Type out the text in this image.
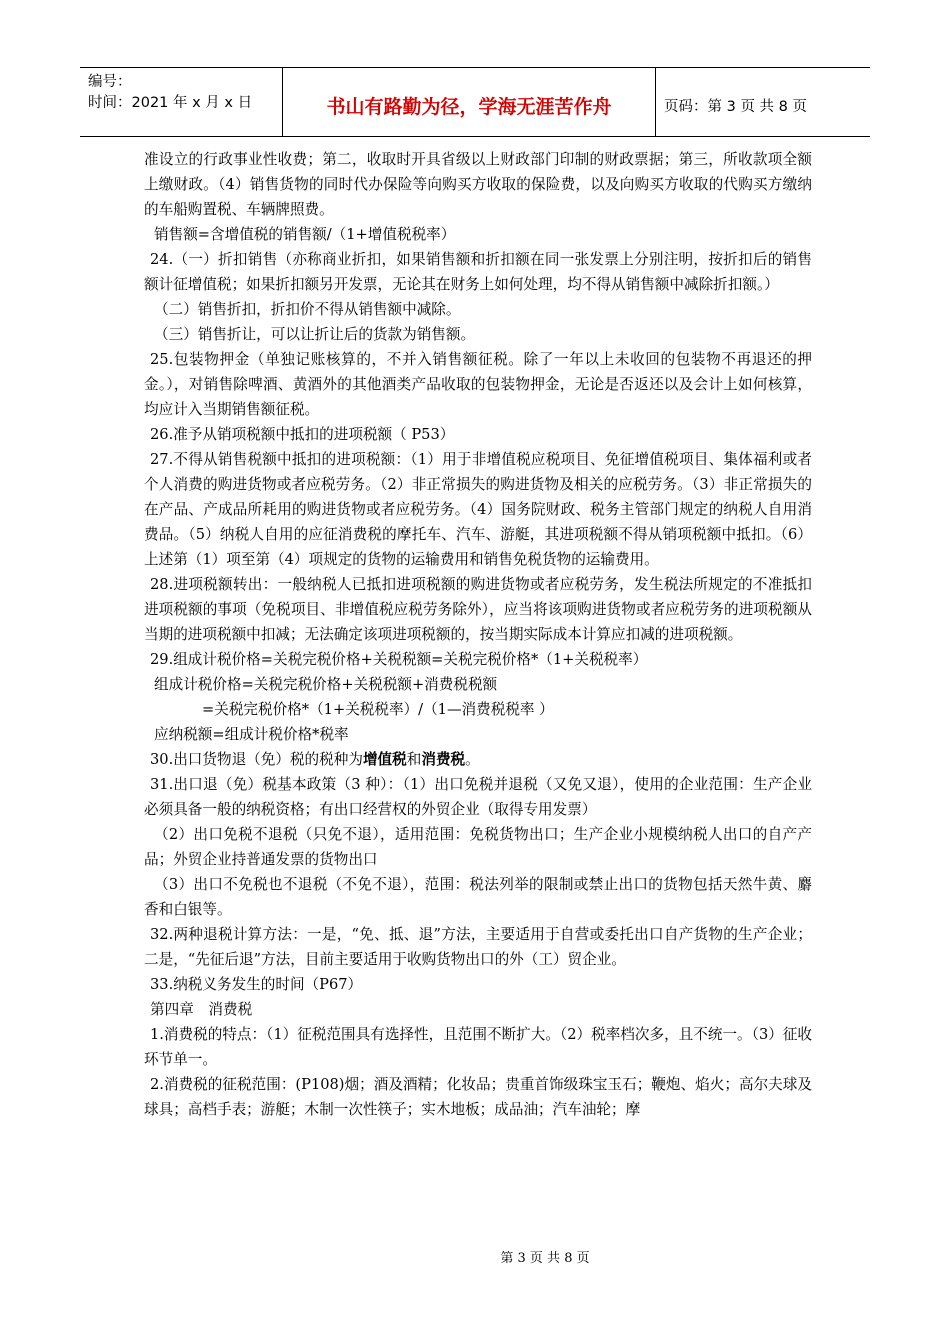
编号：
时间：2021 年 x 月 x 日	书山有路勤为径，学海无涯苦作舟	页码：第 3 页 共 8 页

准设立的行政事业性收费；第二，收取时开具省级以上财政部门印制的财政票据；第三，所收款项全额上缴财政。（4）销售货物的同时代办保险等向购买方收取的保险费，以及向购买方收取的代购买方缴纳的车船购置税、车辆牌照费。

销售额=含增值税的销售额/（1+增值税税率）

24.（一）折扣销售（亦称商业折扣，如果销售额和折扣额在同一张发票上分别注明，按折扣后的销售额计征增值税；如果折扣额另开发票，无论其在财务上如何处理，均不得从销售额中减除折扣额。）

（二）销售折扣，折扣价不得从销售额中减除。

（三）销售折让，可以让折让后的货款为销售额。

25.包装物押金（单独记账核算的，不并入销售额征税。除了一年以上未收回的包装物不再退还的押金。），对销售除啤酒、黄酒外的其他酒类产品收取的包装物押金，无论是否返还以及会计上如何核算，均应计入当期销售额征税。

26.准予从销项税额中抵扣的进项税额（ P53）

27.不得从销售税额中抵扣的进项税额：（1）用于非增值税应税项目、免征增值税项目、集体福利或者个人消费的购进货物或者应税劳务。（2）非正常损失的购进货物及相关的应税劳务。（3）非正常损失的在产品、产成品所耗用的购进货物或者应税劳务。（4）国务院财政、税务主管部门规定的纳税人自用消费品。（5）纳税人自用的应征消费税的摩托车、汽车、游艇，其进项税额不得从销项税额中抵扣。（6）上述第（1）项至第（4）项规定的货物的运输费用和销售免税货物的运输费用。

28.进项税额转出：一般纳税人已抵扣进项税额的购进货物或者应税劳务，发生税法所规定的不准抵扣进项税额的事项（免税项目、非增值税应税劳务除外），应当将该项购进货物或者应税劳务的进项税额从当期的进项税额中扣减；无法确定该项进项税额的，按当期实际成本计算应扣减的进项税额。

29.组成计税价格=关税完税价格+关税税额=关税完税价格*（1+关税税率）

组成计税价格=关税完税价格+关税税额+消费税税额

=关税完税价格*（1+关税税率）/（1—消费税税率 ）

应纳税额=组成计税价格*税率

30.出口货物退（免）税的税种为增值税和消费税。

31.出口退（免）税基本政策（3 种）：（1）出口免税并退税（又免又退），使用的企业范围：生产企业必须具备一般的纳税资格；有出口经营权的外贸企业（取得专用发票）

（2）出口免税不退税（只免不退），适用范围：免税货物出口；生产企业小规模纳税人出口的自产产品；外贸企业持普通发票的货物出口

（3）出口不免税也不退税（不免不退），范围：税法列举的限制或禁止出口的货物包括天然牛黄、麝香和白银等。

32.两种退税计算方法：一是，“免、抵、退”方法，主要适用于自营或委托出口自产货物的生产企业；二是，“先征后退”方法，目前主要适用于收购货物出口的外（工）贸企业。

33.纳税义务发生的时间（P67）

第四章　消费税

1.消费税的特点：（1）征税范围具有选择性，且范围不断扩大。（2）税率档次多，且不统一。（3）征收环节单一。

2.消费税的征税范围：(P108)烟；酒及酒精；化妆品；贵重首饰级珠宝玉石；鞭炮、焰火；高尔夫球及球具；高档手表；游艇；木制一次性筷子；实木地板；成品油；汽车油轮；摩

第 3 页 共 8 页
